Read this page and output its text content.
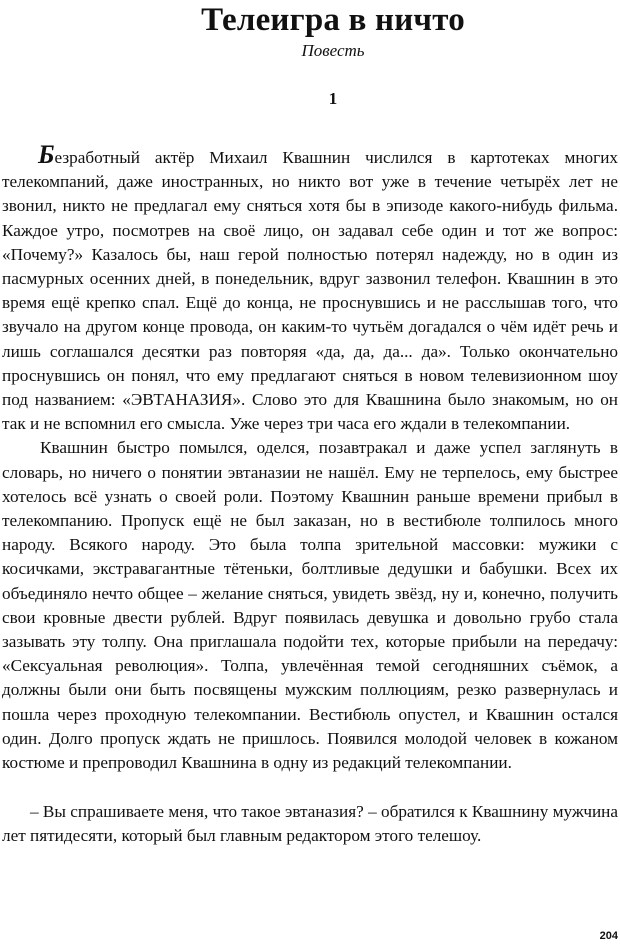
Телеигра в ничто
Повесть
1

Безработный актёр Михаил Квашнин числился в картотеках многих телекомпаний, даже иностранных, но никто вот уже в течение четырёх лет не звонил, никто не предлагал ему сняться хотя бы в эпизоде какого-нибудь фильма. Каждое утро, посмотрев на своё лицо, он задавал себе один и тот же вопрос: «Почему?» Казалось бы, наш герой полностью потерял надежду, но в один из пасмурных осенних дней, в понедельник, вдруг зазвонил телефон. Квашнин в это время ещё крепко спал. Ещё до конца, не проснувшись и не расслышав того, что звучало на другом конце провода, он каким-то чутьём догадался о чём идёт речь и лишь соглашался десятки раз повторяя «да, да, да... да». Только окончательно проснувшись он понял, что ему предлагают сняться в новом телевизионном шоу под названием: «ЭВТАНАЗИЯ». Слово это для Квашнина было знакомым, но он так и не вспомнил его смысла. Уже через три часа его ждали в телекомпании.

Квашнин быстро помылся, оделся, позавтракал и даже успел заглянуть в словарь, но ничего о понятии эвтаназии не нашёл. Ему не терпелось, ему быстрее хотелось всё узнать о своей роли. Поэтому Квашнин раньше времени прибыл в телекомпанию. Пропуск ещё не был заказан, но в вестибюле толпилось много народу. Всякого народу. Это была толпа зрительной массовки: мужики с косичками, экстравагантные тётеньки, болтливые дедушки и бабушки. Всех их объединяло нечто общее – желание сняться, увидеть звёзд, ну и, конечно, получить свои кровные двести рублей. Вдруг появилась девушка и довольно грубо стала зазывать эту толпу. Она приглашала подойти тех, которые прибыли на передачу: «Сексуальная революция». Толпа, увлечённая темой сегодняшних съёмок, а должны были они быть посвящены мужским поллюциям, резко развернулась и пошла через проходную телекомпании. Вестибюль опустел, и Квашнин остался один. Долго пропуск ждать не пришлось. Появился молодой человек в кожаном костюме и препроводил Квашнина в одну из редакций телекомпании.

– Вы спрашиваете меня, что такое эвтаназия? – обратился к Квашнину мужчина лет пятидесяти, который был главным редактором этого телешоу.

204
